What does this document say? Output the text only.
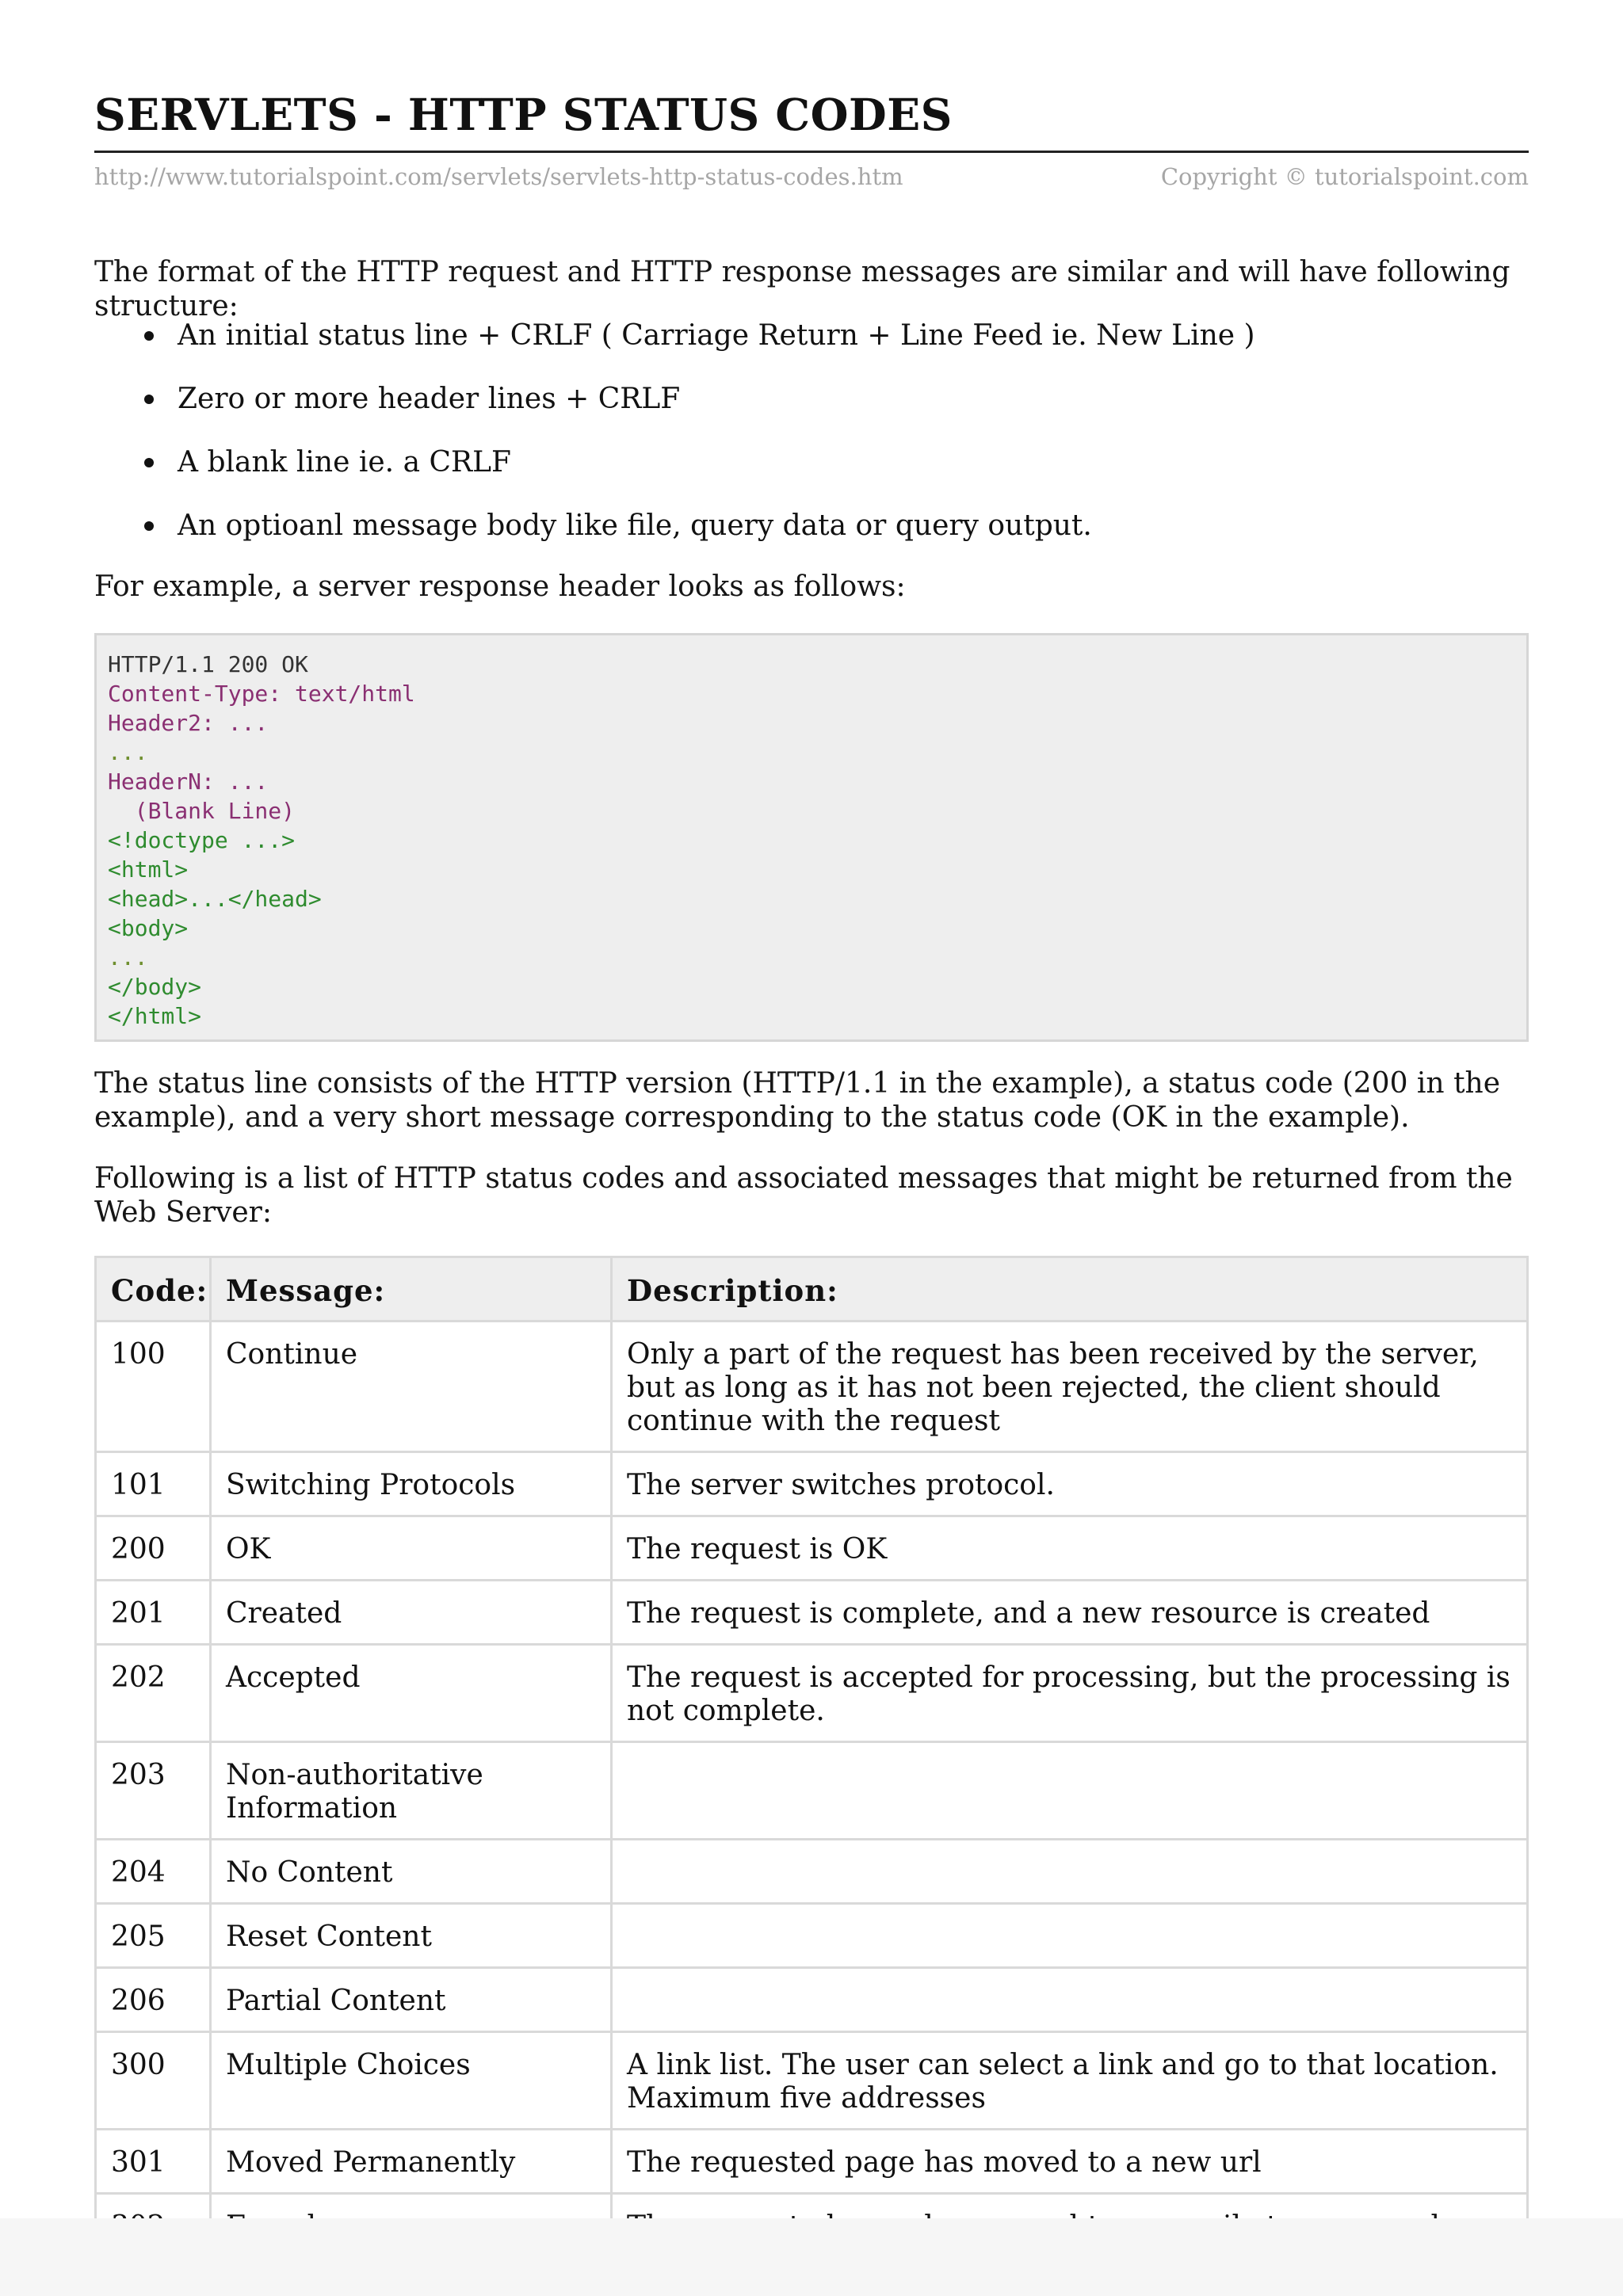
SERVLETS - HTTP STATUS CODES
http://www.tutorialspoint.com/servlets/servlets-http-status-codes.htm	Copyright © tutorialspoint.com

The format of the HTTP request and HTTP response messages are similar and will have following structure:

An initial status line + CRLF ( Carriage Return + Line Feed ie. New Line )
Zero or more header lines + CRLF
A blank line ie. a CRLF
An optioanl message body like file, query data or query output.

For example, a server response header looks as follows:

HTTP/1.1 200 OK
Content-Type: text/html
Header2: ...
...
HeaderN: ...
(Blank Line)
<!doctype ...>
<html>
<head>...</head>
<body>
...
</body>
</html>

The status line consists of the HTTP version (HTTP/1.1 in the example), a status code (200 in the example), and a very short message corresponding to the status code (OK in the example).

Following is a list of HTTP status codes and associated messages that might be returned from the Web Server:

Code:	Message:	Description:
100	Continue	Only a part of the request has been received by the server, but as long as it has not been rejected, the client should continue with the request
101	Switching Protocols	The server switches protocol.
200	OK	The request is OK
201	Created	The request is complete, and a new resource is created
202	Accepted	The request is accepted for processing, but the processing is not complete.
203	Non-authoritative Information	
204	No Content	
205	Reset Content	
206	Partial Content	
300	Multiple Choices	A link list. The user can select a link and go to that location. Maximum five addresses
301	Moved Permanently	The requested page has moved to a new url
